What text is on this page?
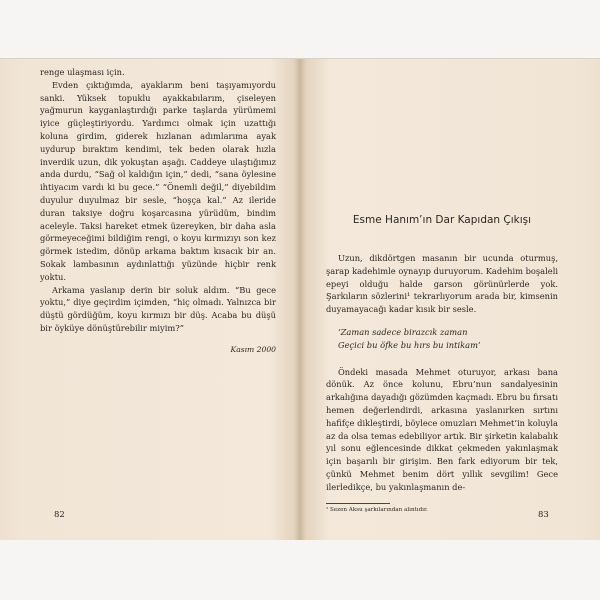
renge ulaşması için.

Evden çıktığımda, ayaklarım beni taşıyamıyordu sanki. Yüksek topuklu ayakkabılarım, çiseleyen yağmurun kayganlaştırdığı parke taşlarda yürümemi iyice güçleştiriyordu. Yardımcı olmak için uzattığı koluna girdim, giderek hızlanan adımlarıma ayak uydurup bıraktım kendimi, tek beden olarak hızla inverdik uzun, dik yokuştan aşağı. Caddeye ulaştığımız anda durdu, “Sağ ol kaldığın için,” dedi, “sana öylesine ihtiyacım vardı ki bu gece.” “Önemli değil,” diyebildim duyulur duyulmaz bir sesle, “hoşça kal.” Az ileride duran taksiye doğru koşarcasına yürüdüm, bindim aceleyle. Taksi hareket etmek üzereyken, bir daha asla görmeyeceğimi bildiğim rengi, o koyu kırmızıyı son kez görmek istedim, dönüp arkama baktım kısacık bir an. Sokak lambasının aydınlattığı yüzünde hiçbir renk yoktu.

Arkama yaslanıp derin bir soluk aldım. “Bu gece yoktu,” diye geçirdim içimden, “hiç olmadı. Yalnızca bir düştü gördüğüm, koyu kırmızı bir düş. Acaba bu düşü bir öyküye dönüştürebilir miyim?”

Kasım 2000
Esme Hanım’ın Dar Kapıdan Çıkışı

Uzun, dikdörtgen masanın bir ucunda oturmuş, şarap kadehimle oynayıp duruyorum. Kadehim boşaleli epeyi olduğu halde garson görünürlerde yok. Şarkıların sözlerini¹ tekrarlıyorum arada bir, kimsenin duyamayacağı kadar kısık bir sesle.

‘Zaman sadece birazcık zaman
Geçici bu öfke bu hırs bu intikam’

Öndeki masada Mehmet oturuyor, arkası bana dönük. Az önce kolunu, Ebru’nun sandalyesinin arkalığına dayadığı gözümden kaçmadı. Ebru bu fırsatı hemen değerlendirdi, arkasına yaslanırken sırtını hafifçe dikleştirdi, böylece omuzları Mehmet’in koluyla az da olsa temas edebiliyor artık. Bir şirketin kalabalık yıl sonu eğlencesinde dikkat çekmeden yakınlaşmak için başarılı bir girişim. Ben fark ediyorum bir tek, çünkü Mehmet benim dört yıllık sevgilim! Gece ilerledikçe, bu yakınlaşmanın de-

¹ Sezen Aksu şarkılarından alıntıdır.
82	83
